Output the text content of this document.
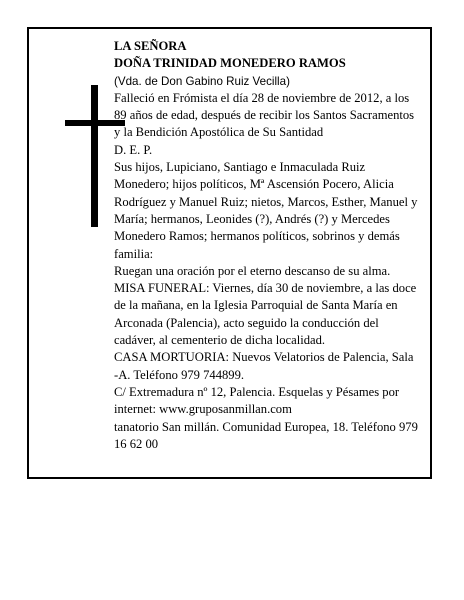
LA SEÑORA

DOÑA TRINIDAD MONEDERO RAMOS

(Vda. de Don Gabino Ruiz Vecilla)

Falleció en Frómista el día 28 de noviembre de 2012, a los 89 años de edad, después de recibir los Santos Sacramentos y la Bendición Apostólica de Su Santidad

D. E. P.

Sus hijos, Lupiciano, Santiago e Inmaculada Ruiz Monedero; hijos políticos, Mª Ascensión Pocero, Alicia Rodríguez y Manuel Ruiz; nietos, Marcos, Esther, Manuel y María; hermanos, Leonides (?), Andrés (?) y Mercedes Monedero Ramos; hermanos políticos, sobrinos y demás familia:

Ruegan una oración por el eterno descanso de su alma.

MISA FUNERAL: Viernes, día 30 de noviembre, a las doce de la mañana, en la Iglesia Parroquial de Santa María en Arconada (Palencia), acto seguido la conducción del cadáver, al cementerio de dicha localidad.

CASA MORTUORIA: Nuevos Velatorios de Palencia, Sala -A. Teléfono 979 744899.

C/ Extremadura nº 12, Palencia. Esquelas y Pésames por internet: www.gruposanmillan.com

tanatorio San millán. Comunidad Europea, 18. Teléfono 979 16 62 00
